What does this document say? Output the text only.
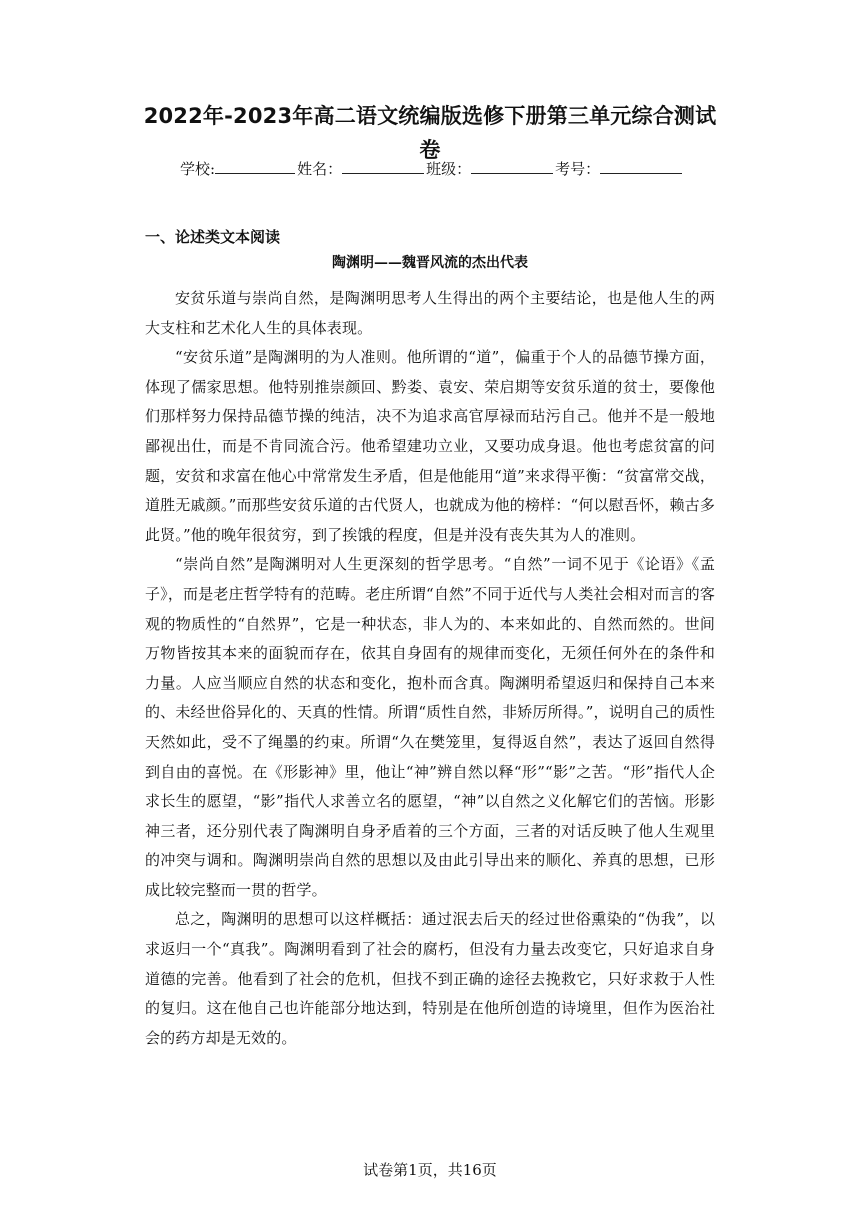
2022年-2023年高二语文统编版选修下册第三单元综合测试
卷
学校:	姓名：	班级：	考号：
一、论述类文本阅读
陶渊明——魏晋风流的杰出代表

安贫乐道与崇尚自然，是陶渊明思考人生得出的两个主要结论，也是他人生的两大支柱和艺术化人生的具体表现。

“安贫乐道”是陶渊明的为人准则。他所谓的“道”，偏重于个人的品德节操方面，体现了儒家思想。他特别推崇颜回、黔娄、袁安、荣启期等安贫乐道的贫士，要像他们那样努力保持品德节操的纯洁，决不为追求高官厚禄而玷污自己。他并不是一般地鄙视出仕，而是不肯同流合污。他希望建功立业，又要功成身退。他也考虑贫富的问题，安贫和求富在他心中常常发生矛盾，但是他能用“道”来求得平衡：“贫富常交战，道胜无戚颜。”而那些安贫乐道的古代贤人，也就成为他的榜样：“何以慰吾怀，赖古多此贤。”他的晚年很贫穷，到了挨饿的程度，但是并没有丧失其为人的准则。

“崇尚自然”是陶渊明对人生更深刻的哲学思考。“自然”一词不见于《论语》《孟子》，而是老庄哲学特有的范畴。老庄所谓“自然”不同于近代与人类社会相对而言的客观的物质性的“自然界”，它是一种状态，非人为的、本来如此的、自然而然的。世间万物皆按其本来的面貌而存在，依其自身固有的规律而变化，无须任何外在的条件和力量。人应当顺应自然的状态和变化，抱朴而含真。陶渊明希望返归和保持自己本来的、未经世俗异化的、天真的性情。所谓“质性自然，非矫厉所得。”，说明自己的质性天然如此，受不了绳墨的约束。所谓“久在樊笼里，复得返自然”，表达了返回自然得到自由的喜悦。在《形影神》里，他让“神”辨自然以释“形”“影”之苦。“形”指代人企求长生的愿望，“影”指代人求善立名的愿望，“神”以自然之义化解它们的苦恼。形影神三者，还分别代表了陶渊明自身矛盾着的三个方面，三者的对话反映了他人生观里的冲突与调和。陶渊明崇尚自然的思想以及由此引导出来的顺化、养真的思想，已形成比较完整而一贯的哲学。

总之，陶渊明的思想可以这样概括：通过泯去后天的经过世俗熏染的“伪我”，以求返归一个“真我”。陶渊明看到了社会的腐朽，但没有力量去改变它，只好追求自身道德的完善。他看到了社会的危机，但找不到正确的途径去挽救它，只好求救于人性的复归。这在他自己也许能部分地达到，特别是在他所创造的诗境里，但作为医治社会的药方却是无效的。

试卷第1页，共16页
